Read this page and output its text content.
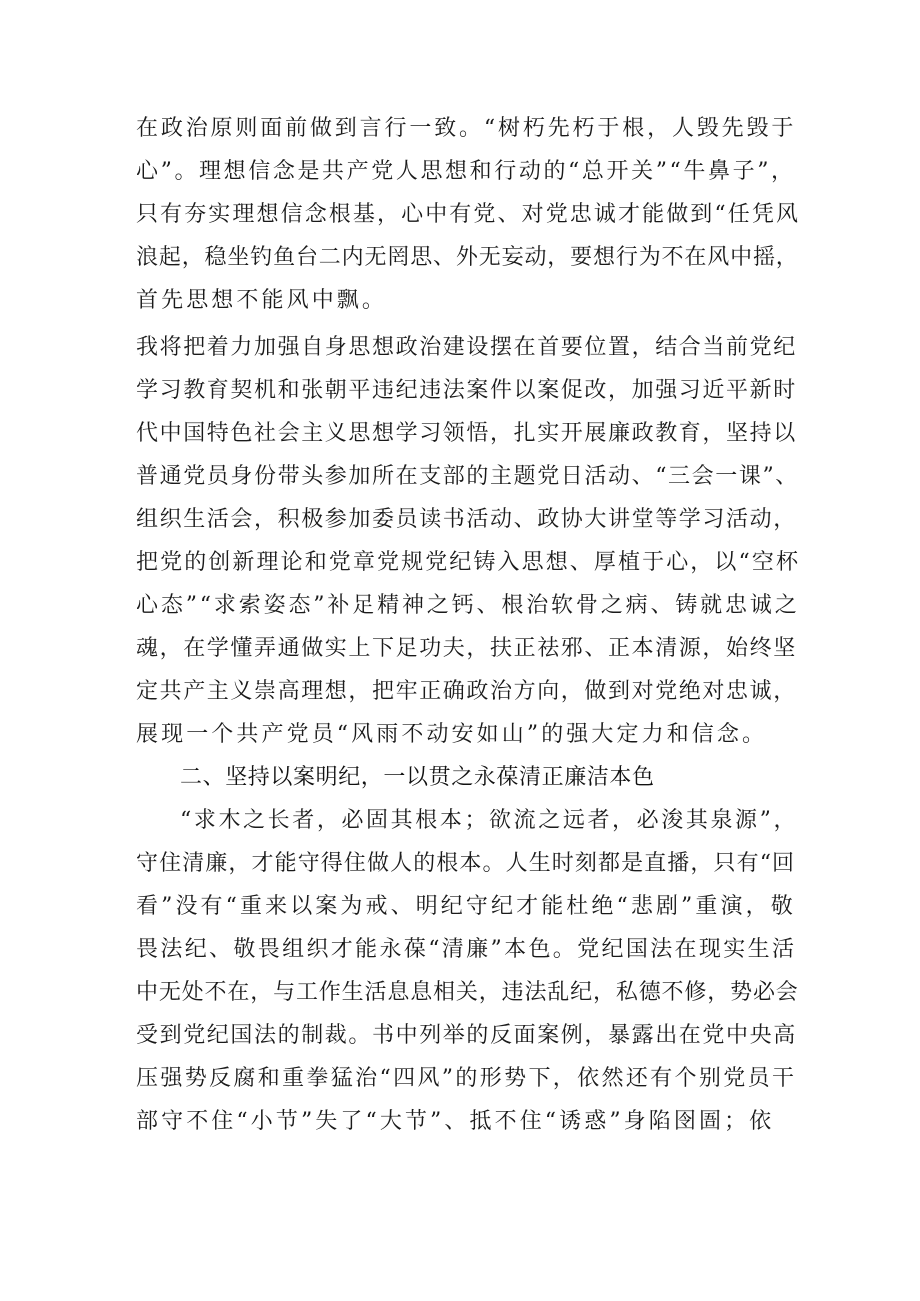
在政治原则面前做到言行一致。“树朽先朽于根，人毁先毁于
心”。理想信念是共产党人思想和行动的“总开关”“牛鼻子”，
只有夯实理想信念根基，心中有党、对党忠诚才能做到“任凭风
浪起，稳坐钓鱼台二内无罔思、外无妄动，要想行为不在风中摇，
首先思想不能风中飘。
我将把着力加强自身思想政治建设摆在首要位置，结合当前党纪
学习教育契机和张朝平违纪违法案件以案促改，加强习近平新时
代中国特色社会主义思想学习领悟，扎实开展廉政教育，坚持以
普通党员身份带头参加所在支部的主题党日活动、“三会一课”、
组织生活会，积极参加委员读书活动、政协大讲堂等学习活动，
把党的创新理论和党章党规党纪铸入思想、厚植于心，以“空杯
心态”“求索姿态”补足精神之钙、根治软骨之病、铸就忠诚之
魂，在学懂弄通做实上下足功夫，扶正祛邪、正本清源，始终坚
定共产主义崇高理想，把牢正确政治方向，做到对党绝对忠诚，
展现一个共产党员“风雨不动安如山”的强大定力和信念。
二、坚持以案明纪，一以贯之永葆清正廉洁本色
“求木之长者，必固其根本；欲流之远者，必浚其泉源”，
守住清廉，才能守得住做人的根本。人生时刻都是直播，只有“回
看”没有“重来以案为戒、明纪守纪才能杜绝“悲剧”重演，敬
畏法纪、敬畏组织才能永葆“清廉”本色。党纪国法在现实生活
中无处不在，与工作生活息息相关，违法乱纪，私德不修，势必会
受到党纪国法的制裁。书中列举的反面案例，暴露出在党中央高
压强势反腐和重拳猛治“四风”的形势下，依然还有个别党员干
部守不住“小节”失了“大节”、抵不住“诱惑”身陷囹圄；依
